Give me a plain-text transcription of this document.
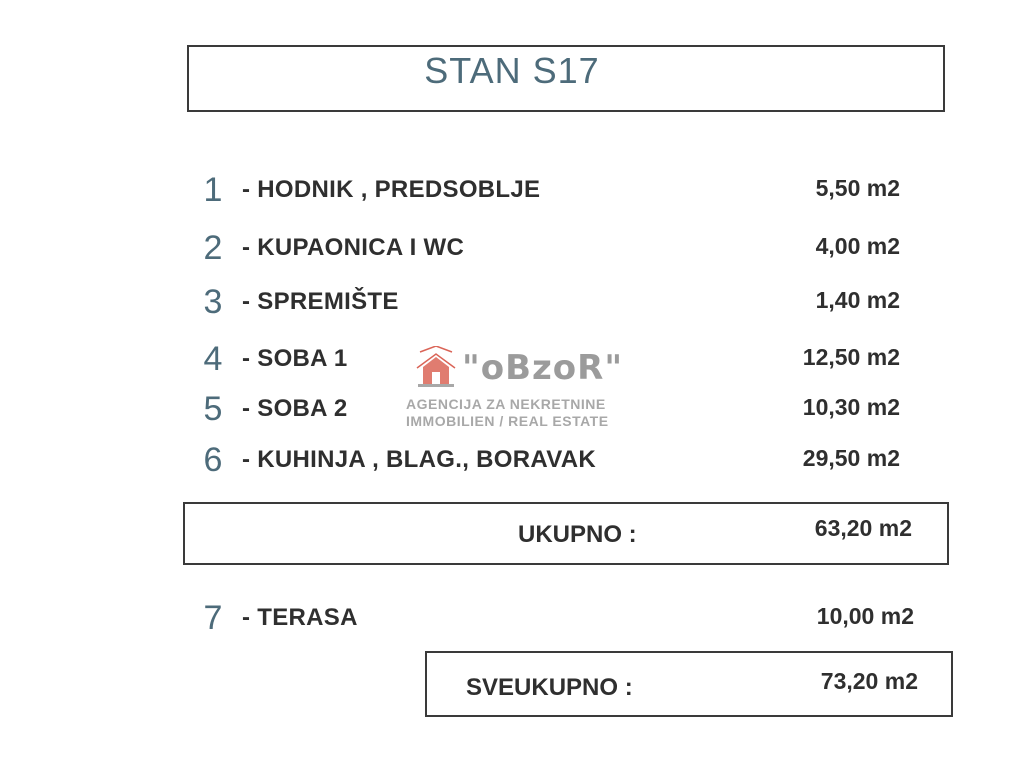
STAN S17
1 - HODNIK , PREDSOBLJE	5,50 m2
2 - KUPAONICA I WC	4,00 m2
3 - SPREMIŠTE	1,40 m2
4 - SOBA 1	12,50 m2
5 - SOBA 2	10,30 m2
6 - KUHINJA , BLAG., BORAVAK	29,50 m2
UKUPNO :	63,20 m2
7 - TERASA	10,00 m2
SVEUKUPNO :	73,20 m2
"oBzoR"
AGENCIJA ZA NEKRETNINE
IMMOBILIEN / REAL ESTATE
